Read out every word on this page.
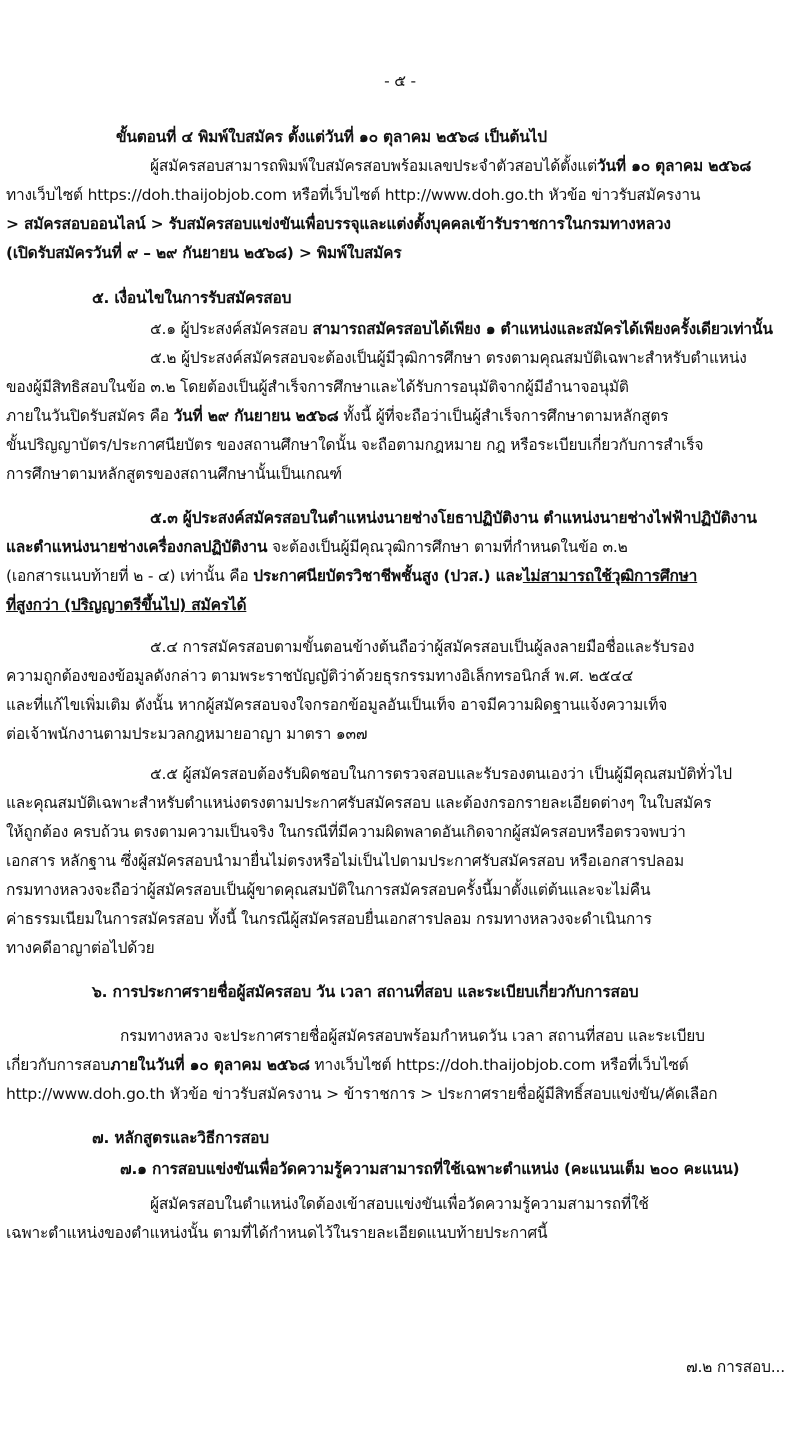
- ๕ -
ขั้นตอนที่ ๔ พิมพ์ใบสมัคร ตั้งแต่วันที่ ๑๐ ตุลาคม ๒๕๖๘ เป็นต้นไป
ผู้สมัครสอบสามารถพิมพ์ใบสมัครสอบพร้อมเลขประจำตัวสอบได้ตั้งแต่วันที่ ๑๐ ตุลาคม ๒๕๖๘
ทางเว็บไซต์ https://doh.thaijobjob.com หรือที่เว็บไซต์ http://www.doh.go.th หัวข้อ ข่าวรับสมัครงาน
> สมัครสอบออนไลน์ > รับสมัครสอบแข่งขันเพื่อบรรจุและแต่งตั้งบุคคลเข้ารับราชการในกรมทางหลวง
(เปิดรับสมัครวันที่ ๙ – ๒๙ กันยายน ๒๕๖๘) > พิมพ์ใบสมัคร
๕. เงื่อนไขในการรับสมัครสอบ
๕.๑ ผู้ประสงค์สมัครสอบ สามารถสมัครสอบได้เพียง ๑ ตำแหน่งและสมัครได้เพียงครั้งเดียวเท่านั้น
๕.๒ ผู้ประสงค์สมัครสอบจะต้องเป็นผู้มีวุฒิการศึกษา ตรงตามคุณสมบัติเฉพาะสำหรับตำแหน่ง
ของผู้มีสิทธิสอบในข้อ ๓.๒ โดยต้องเป็นผู้สำเร็จการศึกษาและได้รับการอนุมัติจากผู้มีอำนาจอนุมัติ
ภายในวันปิดรับสมัคร คือ วันที่ ๒๙ กันยายน ๒๕๖๘ ทั้งนี้ ผู้ที่จะถือว่าเป็นผู้สำเร็จการศึกษาตามหลักสูตร
ขั้นปริญญาบัตร/ประกาศนียบัตร ของสถานศึกษาใดนั้น จะถือตามกฎหมาย กฎ หรือระเบียบเกี่ยวกับการสำเร็จ
การศึกษาตามหลักสูตรของสถานศึกษานั้นเป็นเกณฑ์
๕.๓ ผู้ประสงค์สมัครสอบในตำแหน่งนายช่างโยธาปฏิบัติงาน ตำแหน่งนายช่างไฟฟ้าปฏิบัติงาน
และตำแหน่งนายช่างเครื่องกลปฏิบัติงาน จะต้องเป็นผู้มีคุณวุฒิการศึกษา ตามที่กำหนดในข้อ ๓.๒
(เอกสารแนบท้ายที่ ๒ - ๔) เท่านั้น คือ ประกาศนียบัตรวิชาชีพชั้นสูง (ปวส.) และไม่สามารถใช้วุฒิการศึกษา
ที่สูงกว่า (ปริญญาตรีขึ้นไป) สมัครได้
๕.๔ การสมัครสอบตามขั้นตอนข้างต้นถือว่าผู้สมัครสอบเป็นผู้ลงลายมือชื่อและรับรอง
ความถูกต้องของข้อมูลดังกล่าว ตามพระราชบัญญัติว่าด้วยธุรกรรมทางอิเล็กทรอนิกส์ พ.ศ. ๒๕๔๔
และที่แก้ไขเพิ่มเติม ดังนั้น หากผู้สมัครสอบจงใจกรอกข้อมูลอันเป็นเท็จ อาจมีความผิดฐานแจ้งความเท็จ
ต่อเจ้าพนักงานตามประมวลกฎหมายอาญา มาตรา ๑๓๗
๕.๕ ผู้สมัครสอบต้องรับผิดชอบในการตรวจสอบและรับรองตนเองว่า เป็นผู้มีคุณสมบัติทั่วไป
และคุณสมบัติเฉพาะสำหรับตำแหน่งตรงตามประกาศรับสมัครสอบ และต้องกรอกรายละเอียดต่างๆ ในใบสมัคร
ให้ถูกต้อง ครบถ้วน ตรงตามความเป็นจริง ในกรณีที่มีความผิดพลาดอันเกิดจากผู้สมัครสอบหรือตรวจพบว่า
เอกสาร หลักฐาน ซึ่งผู้สมัครสอบนำมายื่นไม่ตรงหรือไม่เป็นไปตามประกาศรับสมัครสอบ หรือเอกสารปลอม
กรมทางหลวงจะถือว่าผู้สมัครสอบเป็นผู้ขาดคุณสมบัติในการสมัครสอบครั้งนี้มาตั้งแต่ต้นและจะไม่คืน
ค่าธรรมเนียมในการสมัครสอบ ทั้งนี้ ในกรณีผู้สมัครสอบยื่นเอกสารปลอม กรมทางหลวงจะดำเนินการ
ทางคดีอาญาต่อไปด้วย
๖. การประกาศรายชื่อผู้สมัครสอบ วัน เวลา สถานที่สอบ และระเบียบเกี่ยวกับการสอบ
กรมทางหลวง จะประกาศรายชื่อผู้สมัครสอบพร้อมกำหนดวัน เวลา สถานที่สอบ และระเบียบ
เกี่ยวกับการสอบภายในวันที่ ๑๐ ตุลาคม ๒๕๖๘ ทางเว็บไซต์ https://doh.thaijobjob.com หรือที่เว็บไซต์
http://www.doh.go.th หัวข้อ ข่าวรับสมัครงาน > ข้าราชการ > ประกาศรายชื่อผู้มีสิทธิ์สอบแข่งขัน/คัดเลือก
๗. หลักสูตรและวิธีการสอบ
๗.๑ การสอบแข่งขันเพื่อวัดความรู้ความสามารถที่ใช้เฉพาะตำแหน่ง (คะแนนเต็ม ๒๐๐ คะแนน)
ผู้สมัครสอบในตำแหน่งใดต้องเข้าสอบแข่งขันเพื่อวัดความรู้ความสามารถที่ใช้
เฉพาะตำแหน่งของตำแหน่งนั้น ตามที่ได้กำหนดไว้ในรายละเอียดแนบท้ายประกาศนี้
๗.๒ การสอบ...
